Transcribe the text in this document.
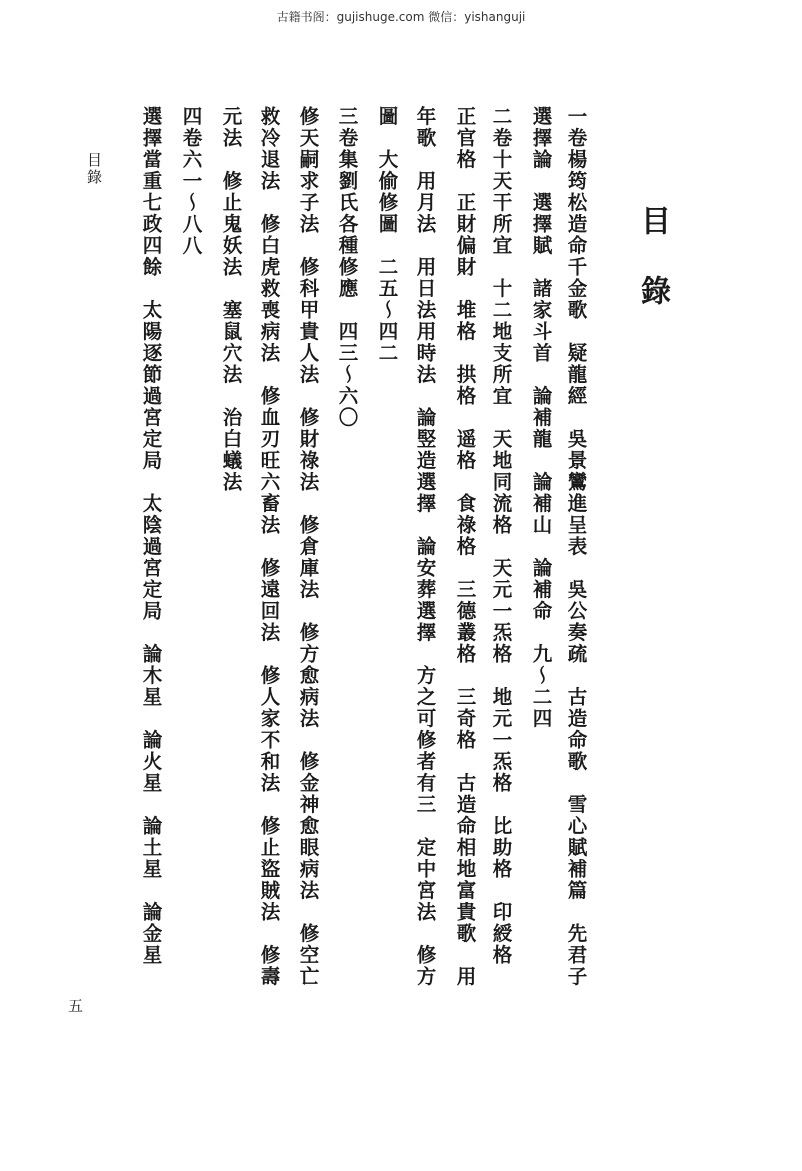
古籍书阁：gujishuge.com 微信：yishanguji
目錄
一卷楊筠松造命千金歌　疑龍經　吳景鸞進呈表　吳公奏疏　古造命歌　雪心賦補篇　先君子
選擇論　選擇賦　諸家斗首　論補龍　論補山　論補命　九～二四
二卷十天干所宜　十二地支所宜　天地同流格　天元一炁格　地元一炁格　比助格　印綬格
正官格　正財偏財　堆格　拱格　遥格　食祿格　三德叢格　三奇格　古造命相地富貴歌　用
年歌　用月法　用日法用時法　論竪造選擇　論安葬選擇　方之可修者有三　定中宮法　修方
圖　大偷修圖　二五～四二
三卷集劉氏各種修應　四三～六〇
修天嗣求子法　修科甲貴人法　修財祿法　修倉庫法　修方愈病法　修金神愈眼病法　修空亡
救冷退法　修白虎救喪病法　修血刃旺六畜法　修遠回法　修人家不和法　修止盜賊法　修壽
元法　修止鬼妖法　塞鼠穴法　治白蟻法
四卷六一～八八
選擇當重七政四餘　太陽逐節過宮定局　太陰過宮定局　論木星　論火星　論土星　論金星
目錄
五
